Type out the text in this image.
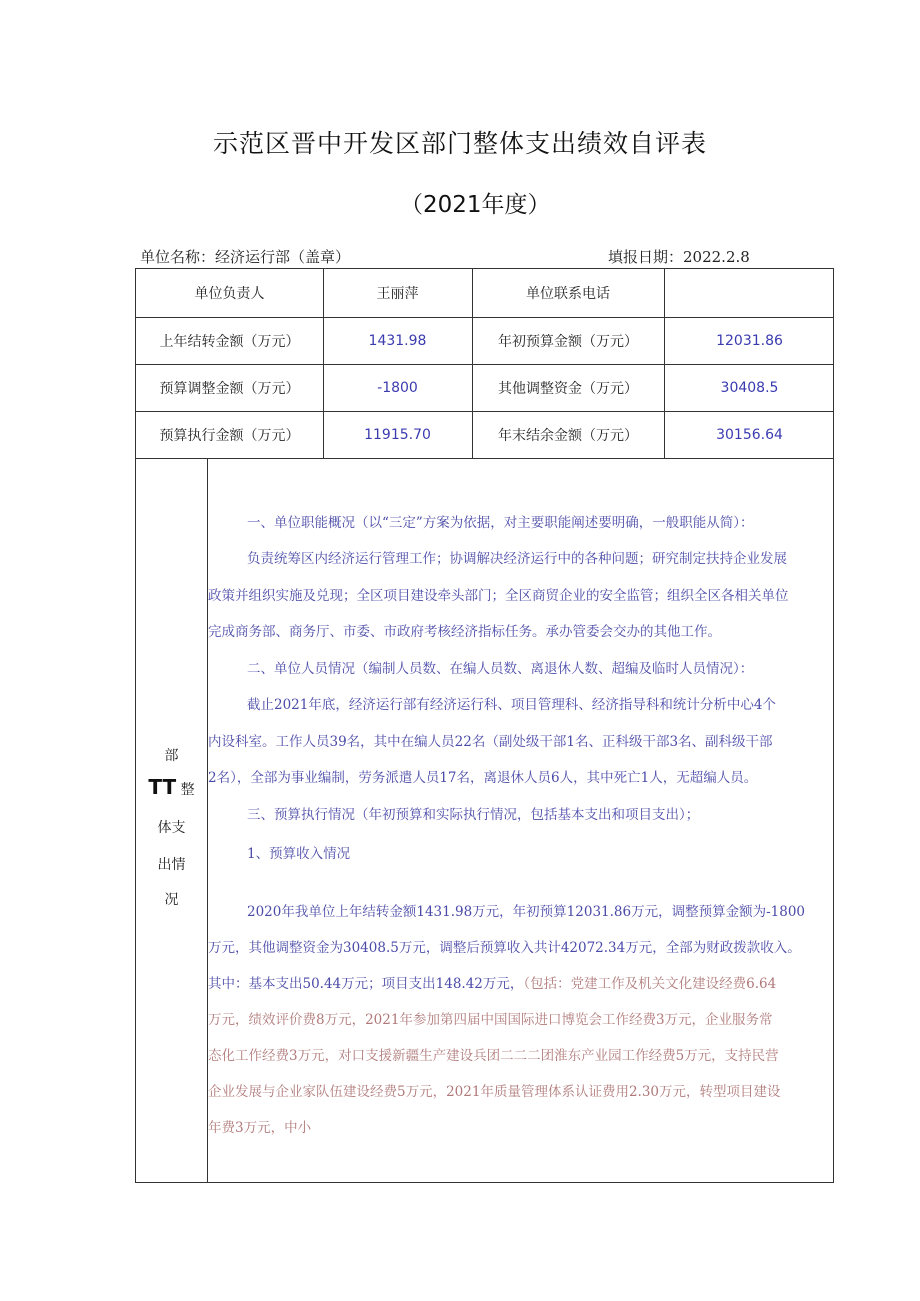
示范区晋中开发区部门整体支出绩效自评表
（2021年度）
单位名称：经济运行部（盖章）	填报日期：2022.2.8
单位负责人	王丽萍	单位联系电话
上年结转金额（万元）	1431.98	年初预算金额（万元）	12031.86
预算调整金额（万元）	-1800	其他调整资金（万元）	30408.5
预算执行金额（万元）	11915.70	年末结余金额（万元）	30156.64
部
TT 整
体支
出情
况
一、单位职能概况（以“三定”方案为依据，对主要职能阐述要明确，一般职能从简）：
负责统筹区内经济运行管理工作；协调解决经济运行中的各种问题；研究制定扶持企业发展
政策并组织实施及兑现；全区项目建设牵头部门；全区商贸企业的安全监管；组织全区各相关单位
完成商务部、商务厅、市委、市政府考核经济指标任务。承办管委会交办的其他工作。
二、单位人员情况（编制人员数、在编人员数、离退休人数、超编及临时人员情况）：
截止2021年底，经济运行部有经济运行科、项目管理科、经济指导科和统计分析中心4个
内设科室。工作人员39名，其中在编人员22名（副处级干部1名、正科级干部3名、副科级干部
2名），全部为事业编制，劳务派遣人员17名，离退休人员6人，其中死亡1人，无超编人员。
三、预算执行情况（年初预算和实际执行情况，包括基本支出和项目支出）；
1、预算收入情况
2020年我单位上年结转金额1431.98万元，年初预算12031.86万元，调整预算金额为-1800
万元，其他调整资金为30408.5万元，调整后预算收入共计42072.34万元，全部为财政拨款收入。
其中：基本支出50.44万元；项目支出148.42万元，（包括：党建工作及机关文化建设经费6.64
万元，绩效评价费8万元，2021年参加第四届中国国际进口博览会工作经费3万元，企业服务常
态化工作经费3万元，对口支援新疆生产建设兵团二二二团淮东产业园工作经费5万元，支持民营
企业发展与企业家队伍建设经费5万元，2021年质量管理体系认证费用2.30万元，转型项目建设
年费3万元，中小
